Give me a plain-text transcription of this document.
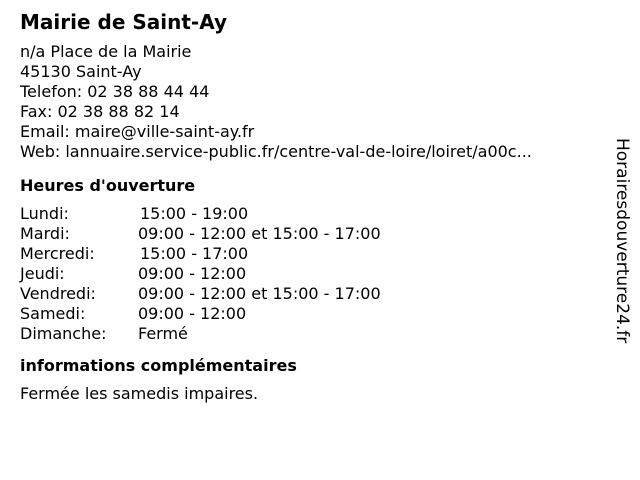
Mairie de Saint-Ay
n/a Place de la Mairie
45130 Saint-Ay
Telefon: 02 38 88 44 44
Fax: 02 38 88 82 14
Email: maire@ville-saint-ay.fr
Web: lannuaire.service-public.fr/centre-val-de-loire/loiret/a00c...
Heures d'ouverture
Lundi:	15:00 - 19:00
Mardi:	09:00 - 12:00 et 15:00 - 17:00
Mercredi:	15:00 - 17:00
Jeudi:	09:00 - 12:00
Vendredi:	09:00 - 12:00 et 15:00 - 17:00
Samedi:	09:00 - 12:00
Dimanche: Fermé
informations complémentaires
Fermée les samedis impaires.
Horairesdouverture24.fr
